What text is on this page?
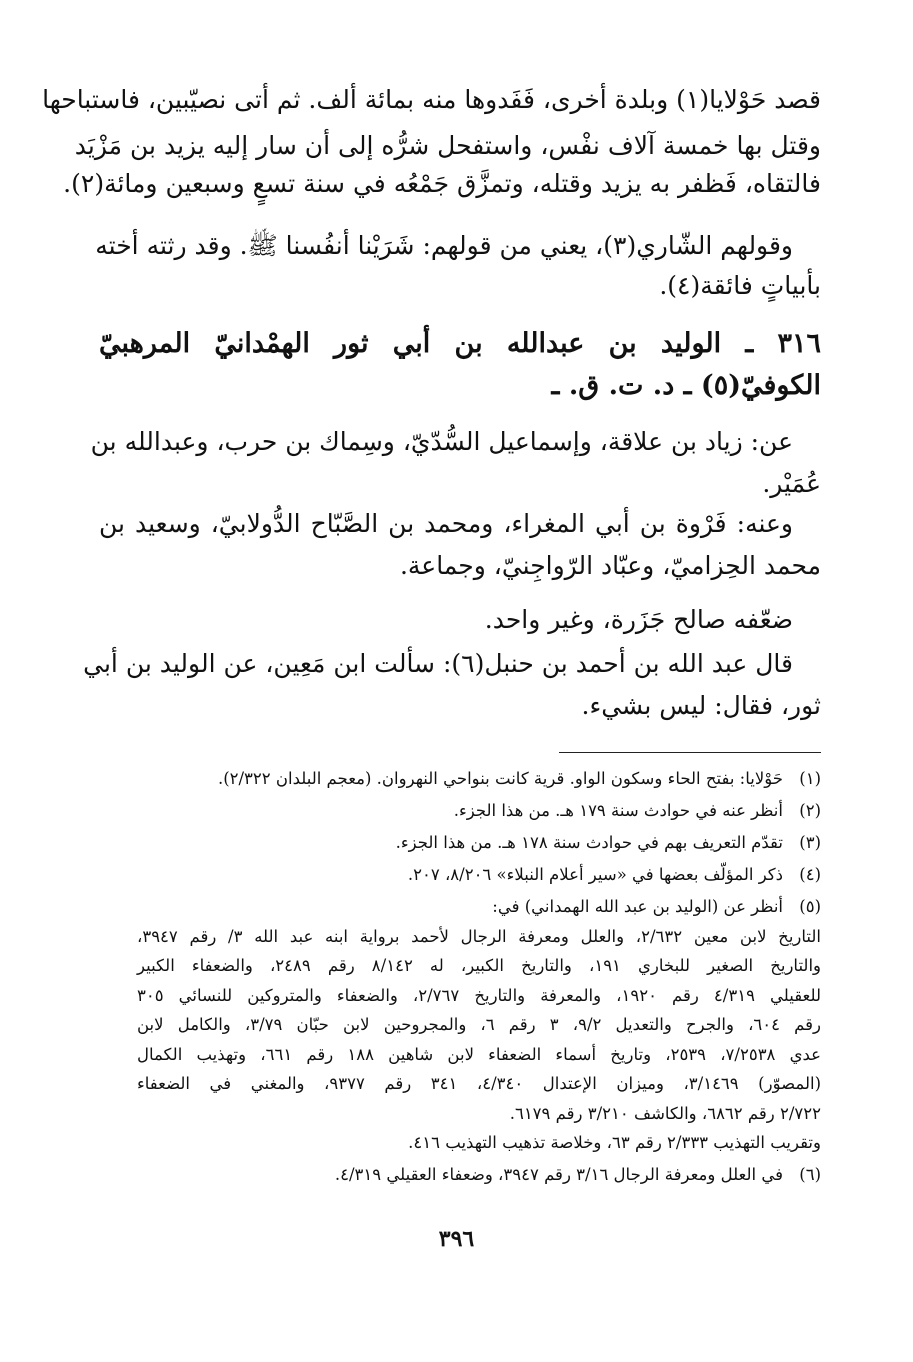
قصد حَوْلايا(١) وبلدة أخرى، فَفَدوها منه بمائة ألف. ثم أتى نصيّبين، فاستباحها
وقتل بها خمسة آلاف نفْس، واستفحل شرُّه إلى أن سار إليه يزيد بن مَزْيَد
فالتقاه، فَظفر به يزيد وقتله، وتمزَّق جَمْعُه في سنة تسعٍ وسبعين ومائة(٢).
وقولهم الشّاري(٣)، يعني من قولهم: شَرَيْنا أنفُسنا ﷺ. وقد رثته أخته
بأبياتٍ فائقة(٤).
٣١٦ ـ الوليد بن عبدالله بن أبي ثور الهمْدانيّ المرهبيّ
الكوفيّ(٥) ـ د. ت. ق. ـ
عن: زياد بن علاقة، وإسماعيل السُّدّيّ، وسِماك بن حرب، وعبدالله بن
عُمَيْر.
وعنه: فَرْوة بن أبي المغراء، ومحمد بن الصَّبّاح الدُّولابيّ، وسعيد بن
محمد الحِزاميّ، وعبّاد الرّواجِنيّ، وجماعة.
ضعّفه صالح جَزَرة، وغير واحد.
قال عبد الله بن أحمد بن حنبل(٦): سألت ابن مَعِين، عن الوليد بن أبي
ثور، فقال: ليس بشيء.
(١)
حَوْلايا: بفتح الحاء وسكون الواو. قرية كانت بنواحي النهروان. (معجم البلدان ٢/٣٢٢).
(٢)
أنظر عنه في حوادث سنة ١٧٩ هـ. من هذا الجزء.
(٣)
تقدّم التعريف بهم في حوادث سنة ١٧٨ هـ. من هذا الجزء.
(٤)
ذكر المؤلّف بعضها في «سير أعلام النبلاء» ٨/٢٠٦، ٢٠٧.
(٥)
أنظر عن (الوليد بن عبد الله الهمداني) في:
التاريخ لابن معين ٢/٦٣٢، والعلل ومعرفة الرجال لأحمد برواية ابنه عبد الله ٣/ رقم ٣٩٤٧،
والتاريخ الصغير للبخاري ١٩١، والتاريخ الكبير، له ٨/١٤٢ رقم ٢٤٨٩، والضعفاء الكبير
للعقيلي ٤/٣١٩ رقم ١٩٢٠، والمعرفة والتاريخ ٢/٧٦٧، والضعفاء والمتروكين للنسائي ٣٠٥
رقم ٦٠٤، والجرح والتعديل ٩/٢، ٣ رقم ٦، والمجروحين لابن حبّان ٣/٧٩، والكامل لابن
عدي ٧/٢٥٣٨، ٢٥٣٩، وتاريخ أسماء الضعفاء لابن شاهين ١٨٨ رقم ٦٦١، وتهذيب الكمال
(المصوّر) ٣/١٤٦٩، وميزان الإعتدال ٤/٣٤٠، ٣٤١ رقم ٩٣٧٧، والمغني في الضعفاء
٢/٧٢٢ رقم ٦٨٦٢، والكاشف ٣/٢١٠ رقم ٦١٧٩.
وتقريب التهذيب ٢/٣٣٣ رقم ٦٣، وخلاصة تذهيب التهذيب ٤١٦.
(٦)
في العلل ومعرفة الرجال ٣/١٦ رقم ٣٩٤٧، وضعفاء العقيلي ٤/٣١٩.
٣٩٦
